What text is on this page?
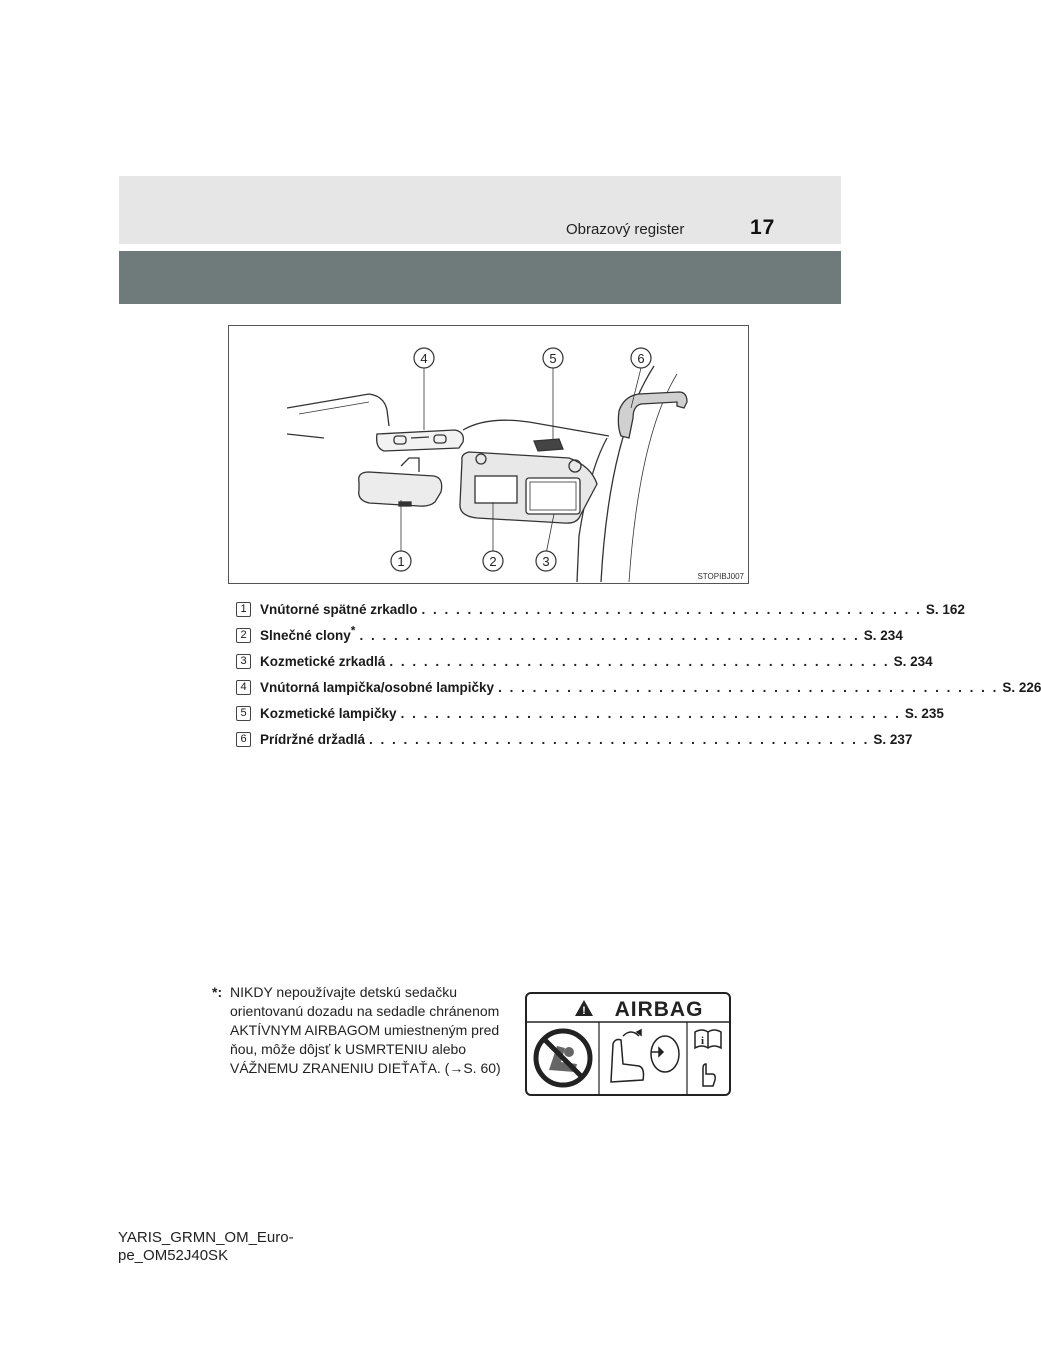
Obrazový register	17
4	5	6
1	2	3
STOPIBJ007
1 Vnútorné spätné zrkadlo . . . . . . . . . . . . . . . . . . . . . . . . . . . . . . . . . . . . . . . . . . . . S. 162
2 Slnečné clony* . . . . . . . . . . . . . . . . . . . . . . . . . . . . . . . . . . . . . . . . . . . . S. 234
3 Kozmetické zrkadlá . . . . . . . . . . . . . . . . . . . . . . . . . . . . . . . . . . . . . . . . . . . . S. 234
4 Vnútorná lampička/osobné lampičky . . . . . . . . . . . . . . . . . . . . . . . . . . . . . . . . . . . . . . . . . . . . S. 226
5 Kozmetické lampičky . . . . . . . . . . . . . . . . . . . . . . . . . . . . . . . . . . . . . . . . . . . . S. 235
6 Prídržné držadlá . . . . . . . . . . . . . . . . . . . . . . . . . . . . . . . . . . . . . . . . . . . . S. 237
*: NIKDY nepoužívajte detskú sedačku orientovanú dozadu na sedadle chránenom AKTÍVNYM AIRBAGOM umiestneným pred ňou, môže dôjsť k USMRTENIU alebo VÁŽNEMU ZRANENIU DIEŤAŤA. (→S. 60)
! AIRBAG
i
YARIS_GRMN_OM_Euro-
pe_OM52J40SK
